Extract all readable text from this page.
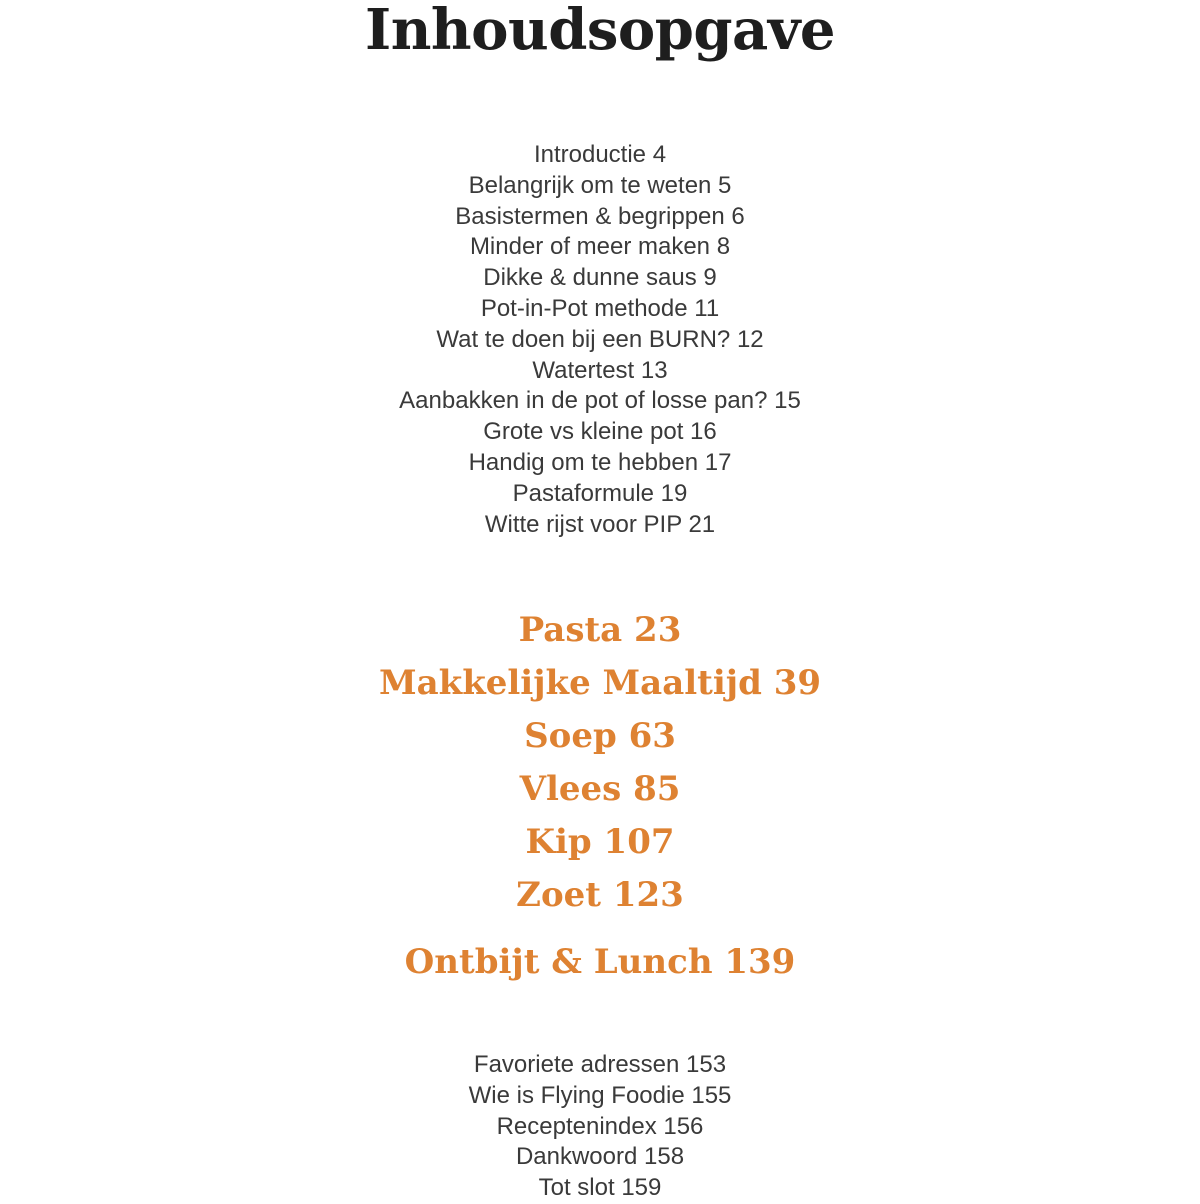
Inhoudsopgave
Introductie 4
Belangrijk om te weten 5
Basistermen & begrippen 6
Minder of meer maken 8
Dikke & dunne saus 9
Pot-in-Pot methode 11
Wat te doen bij een BURN? 12
Watertest 13
Aanbakken in de pot of losse pan? 15
Grote vs kleine pot 16
Handig om te hebben 17
Pastaformule 19
Witte rijst voor PIP 21
Pasta 23
Makkelijke Maaltijd 39
Soep 63
Vlees 85
Kip 107
Zoet 123
Ontbijt & Lunch 139
Favoriete adressen 153
Wie is Flying Foodie 155
Receptenindex 156
Dankwoord 158
Tot slot 159
